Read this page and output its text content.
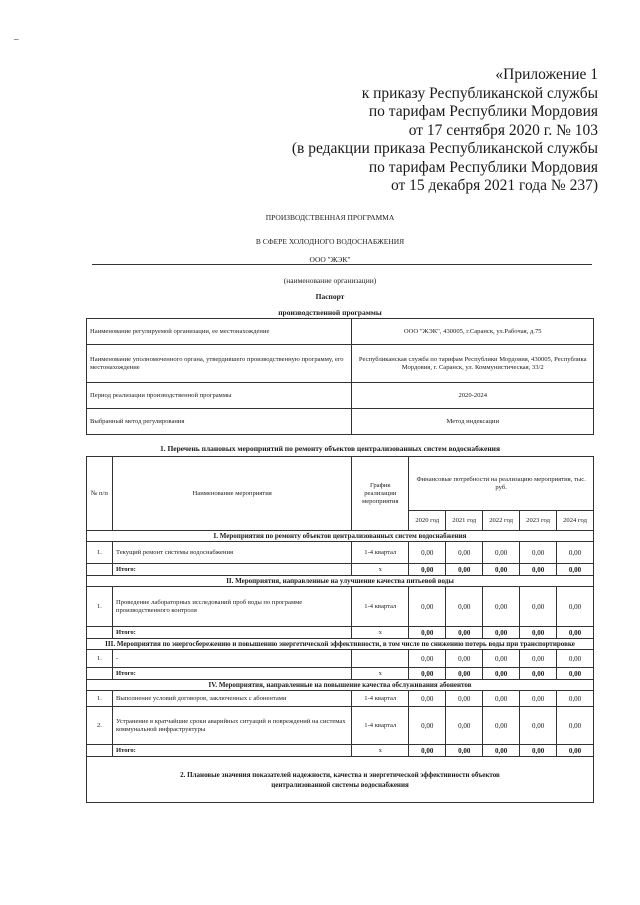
–
«Приложение 1
к приказу Республиканской службы
по тарифам Республики Мордовия
от 17 сентября 2020 г. № 103
(в редакции приказа Республиканской службы
по тарифам Республики Мордовия
от 15 декабря 2021 года № 237)
ПРОИЗВОДСТВЕННАЯ ПРОГРАММА
В СФЕРЕ ХОЛОДНОГО ВОДОСНАБЖЕНИЯ
ООО "ЖЭК"
(наименование организации)
Паспорт
производственной программы
Наименование регулируемой организации, ее местонахождение	ООО "ЖЭК", 430005, г.Саранск, ул.Рабочая, д.75
Наименование уполномоченного органа, утвердившего производственную программу, его местонахождение	Республиканская служба по тарифам Республики Мордовия, 430005, Республика Мордовия, г. Саранск, ул. Коммунистическая, 33/2
Период реализации производственной программы	2020-2024
Выбранный метод регулирования	Метод индексации
1. Перечень плановых мероприятий по ремонту объектов централизованных систем водоснабжения
№ п/п	Наименование мероприятия	График реализации мероприятия	Финансовые потребности на реализацию мероприятия, тыс. руб.				
			2020 год	2021 год	2022 год	2023 год	2024 год
I. Мероприятия по ремонту объектов централизованных систем водоснабжения							
1.	Текущий ремонт системы водоснабжения	1-4 квартал	0,00	0,00	0,00	0,00	0,00
	Итого:	х	0,00	0,00	0,00	0,00	0,00
II. Мероприятия, направленные на улучшение качества питьевой воды							
1.	Проведение лабораторных исследований проб воды по программе производственного контроля	1-4 квартал	0,00	0,00	0,00	0,00	0,00
	Итого:	х	0,00	0,00	0,00	0,00	0,00
III. Мероприятия по энергосбережению и повышению энергетической эффективности, в том числе по снижению потерь воды при транспортировке							
1.	-		0,00	0,00	0,00	0,00	0,00
	Итого:	х	0,00	0,00	0,00	0,00	0,00
IV. Мероприятия, направленные на повышение качества обслуживания абонентов							
1.	Выполнение условий договоров, заключенных с абонентами	1-4 квартал	0,00	0,00	0,00	0,00	0,00
2.	Устранение в кратчайшие сроки аварийных ситуаций и повреждений на системах коммунальной инфраструктуры	1-4 квартал	0,00	0,00	0,00	0,00	0,00
	Итого:	х	0,00	0,00	0,00	0,00	0,00

2. Плановые значения показателей надежности, качества и энергетической эффективности объектов
централизованной системы водоснабжения							
